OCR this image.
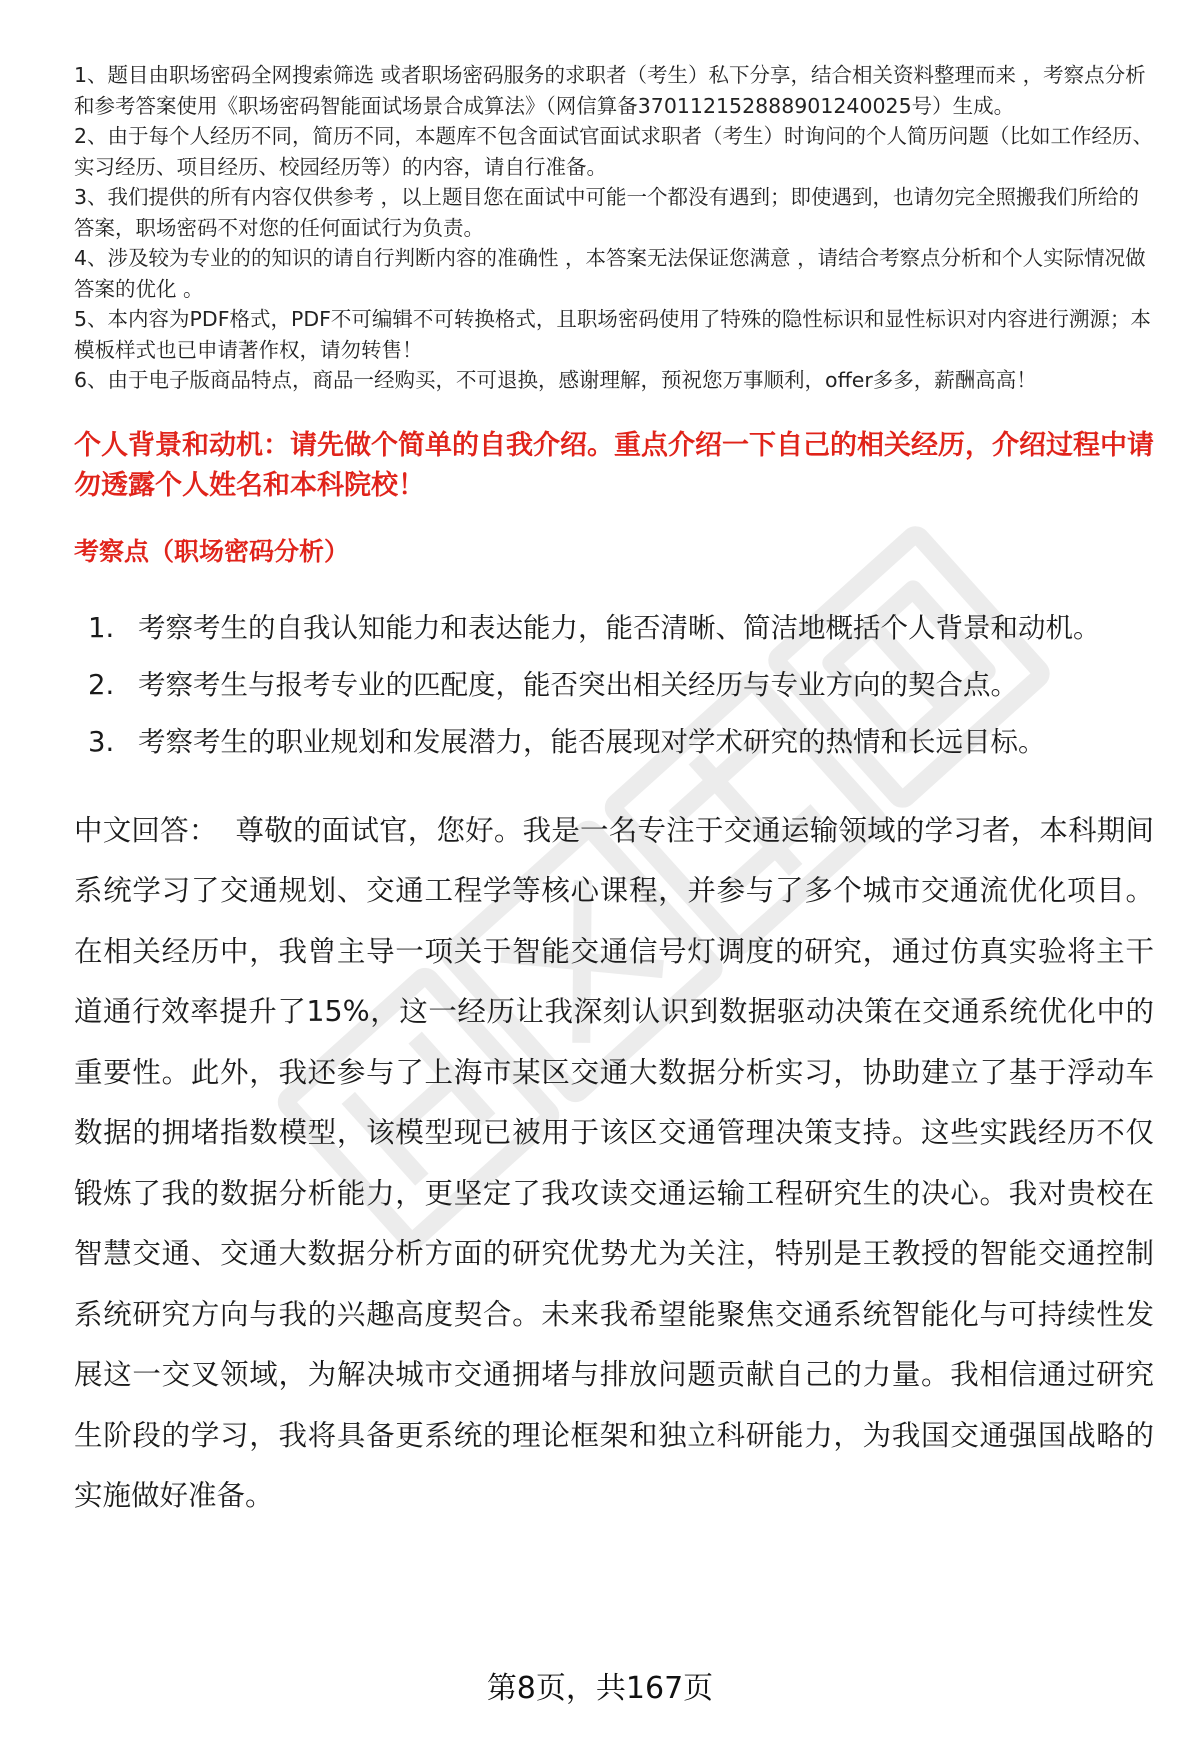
1、题目由职场密码全网搜索筛选 或者职场密码服务的求职者（考生）私下分享，结合相关资料整理而来 ，考察点分析和参考答案使用《职场密码智能面试场景合成算法》（网信算备370112152888901240025号）生成。
2、由于每个人经历不同，简历不同，本题库不包含面试官面试求职者（考生）时询问的个人简历问题（比如工作经历、实习经历、项目经历、校园经历等）的内容，请自行准备。
3、我们提供的所有内容仅供参考 ，以上题目您在面试中可能一个都没有遇到；即使遇到，也请勿完全照搬我们所给的答案，职场密码不对您的任何面试行为负责。
4、涉及较为专业的的知识的请自行判断内容的准确性 ，本答案无法保证您满意 ，请结合考察点分析和个人实际情况做答案的优化 。
5、本内容为PDF格式，PDF不可编辑不可转换格式，且职场密码使用了特殊的隐性标识和显性标识对内容进行溯源；本模板样式也已申请著作权，请勿转售！
6、由于电子版商品特点，商品一经购买，不可退换，感谢理解，预祝您万事顺利，offer多多，薪酬高高！
个人背景和动机：请先做个简单的自我介绍。重点介绍一下自己的相关经历，介绍过程中请勿透露个人姓名和本科院校！
考察点（职场密码分析）
1. 考察考生的自我认知能力和表达能力，能否清晰、简洁地概括个人背景和动机。
2. 考察考生与报考专业的匹配度，能否突出相关经历与专业方向的契合点。
3. 考察考生的职业规划和发展潜力，能否展现对学术研究的热情和长远目标。

中文回答： 尊敬的面试官，您好。我是一名专注于交通运输领域的学习者，本科期间系统学习了交通规划、交通工程学等核心课程，并参与了多个城市交通流优化项目。在相关经历中，我曾主导一项关于智能交通信号灯调度的研究，通过仿真实验将主干道通行效率提升了15%，这一经历让我深刻认识到数据驱动决策在交通系统优化中的重要性。此外，我还参与了上海市某区交通大数据分析实习，协助建立了基于浮动车数据的拥堵指数模型，该模型现已被用于该区交通管理决策支持。这些实践经历不仅锻炼了我的数据分析能力，更坚定了我攻读交通运输工程研究生的决心。我对贵校在智慧交通、交通大数据分析方面的研究优势尤为关注，特别是王教授的智能交通控制系统研究方向与我的兴趣高度契合。未来我希望能聚焦交通系统智能化与可持续性发展这一交叉领域，为解决城市交通拥堵与排放问题贡献自己的力量。我相信通过研究生阶段的学习，我将具备更系统的理论框架和独立科研能力，为我国交通强国战略的实施做好准备。

第8页，共167页
